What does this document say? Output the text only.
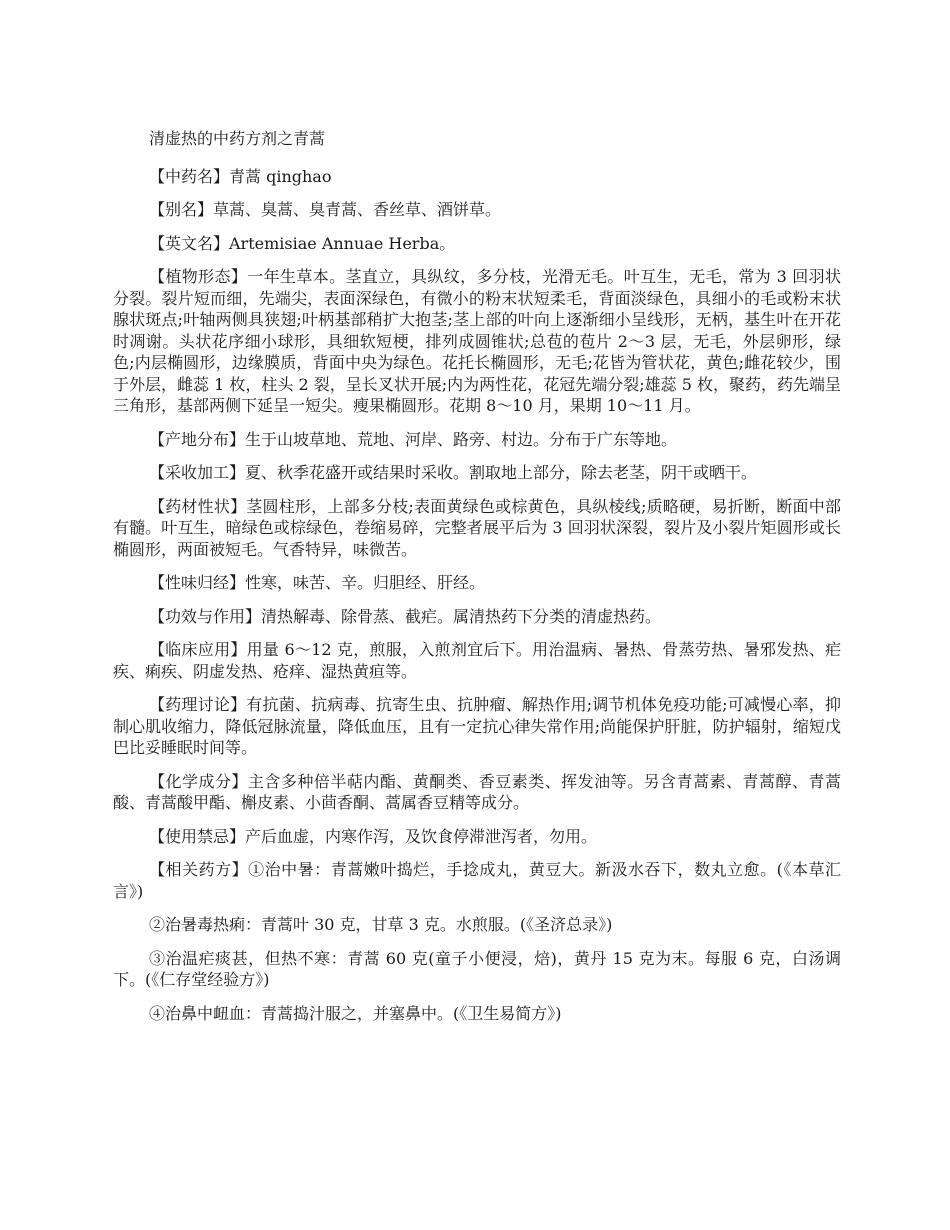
清虚热的中药方剂之青蒿

【中药名】青蒿 qinghao

【别名】草蒿、臭蒿、臭青蒿、香丝草、酒饼草。

【英文名】Artemisiae Annuae Herba。

【植物形态】一年生草本。茎直立，具纵纹，多分枝，光滑无毛。叶互生，无毛，常为 3 回羽状分裂。裂片短而细，先端尖，表面深绿色，有微小的粉末状短柔毛，背面淡绿色，具细小的毛或粉末状腺状斑点;叶轴两侧具狭翅;叶柄基部稍扩大抱茎;茎上部的叶向上逐渐细小呈线形，无柄，基生叶在开花时凋谢。头状花序细小球形，具细软短梗，排列成圆锥状;总苞的苞片 2～3 层，无毛，外层卵形，绿色;内层椭圆形，边缘膜质，背面中央为绿色。花托长椭圆形，无毛;花皆为管状花，黄色;雌花较少，围于外层，雌蕊 1 枚，柱头 2 裂，呈长叉状开展;内为两性花，花冠先端分裂;雄蕊 5 枚，聚药，药先端呈三角形，基部两侧下延呈一短尖。瘦果椭圆形。花期 8～10 月，果期 10～11 月。

【产地分布】生于山坡草地、荒地、河岸、路旁、村边。分布于广东等地。

【采收加工】夏、秋季花盛开或结果时采收。割取地上部分，除去老茎，阴干或晒干。

【药材性状】茎圆柱形，上部多分枝;表面黄绿色或棕黄色，具纵棱线;质略硬，易折断，断面中部有髓。叶互生，暗绿色或棕绿色，卷缩易碎，完整者展平后为 3 回羽状深裂，裂片及小裂片矩圆形或长椭圆形，两面被短毛。气香特异，味微苦。

【性味归经】性寒，味苦、辛。归胆经、肝经。

【功效与作用】清热解毒、除骨蒸、截疟。属清热药下分类的清虚热药。

【临床应用】用量 6～12 克，煎服，入煎剂宜后下。用治温病、暑热、骨蒸劳热、暑邪发热、疟疾、痢疾、阴虚发热、疮痒、湿热黄疸等。

【药理讨论】有抗菌、抗病毒、抗寄生虫、抗肿瘤、解热作用;调节机体免疫功能;可减慢心率，抑制心肌收缩力，降低冠脉流量，降低血压，且有一定抗心律失常作用;尚能保护肝脏，防护辐射，缩短戊巴比妥睡眠时间等。

【化学成分】主含多种倍半萜内酯、黄酮类、香豆素类、挥发油等。另含青蒿素、青蒿醇、青蒿酸、青蒿酸甲酯、槲皮素、小茴香酮、蒿属香豆精等成分。

【使用禁忌】产后血虚，内寒作泻，及饮食停滞泄泻者，勿用。

【相关药方】①治中暑：青蒿嫩叶捣烂，手捻成丸，黄豆大。新汲水吞下，数丸立愈。(《本草汇言》)

②治暑毒热痢：青蒿叶 30 克，甘草 3 克。水煎服。(《圣济总录》)

③治温疟痰甚，但热不寒：青蒿 60 克(童子小便浸，焙)，黄丹 15 克为末。每服 6 克，白汤调下。(《仁存堂经验方》)

④治鼻中衄血：青蒿捣汁服之，并塞鼻中。(《卫生易简方》)
